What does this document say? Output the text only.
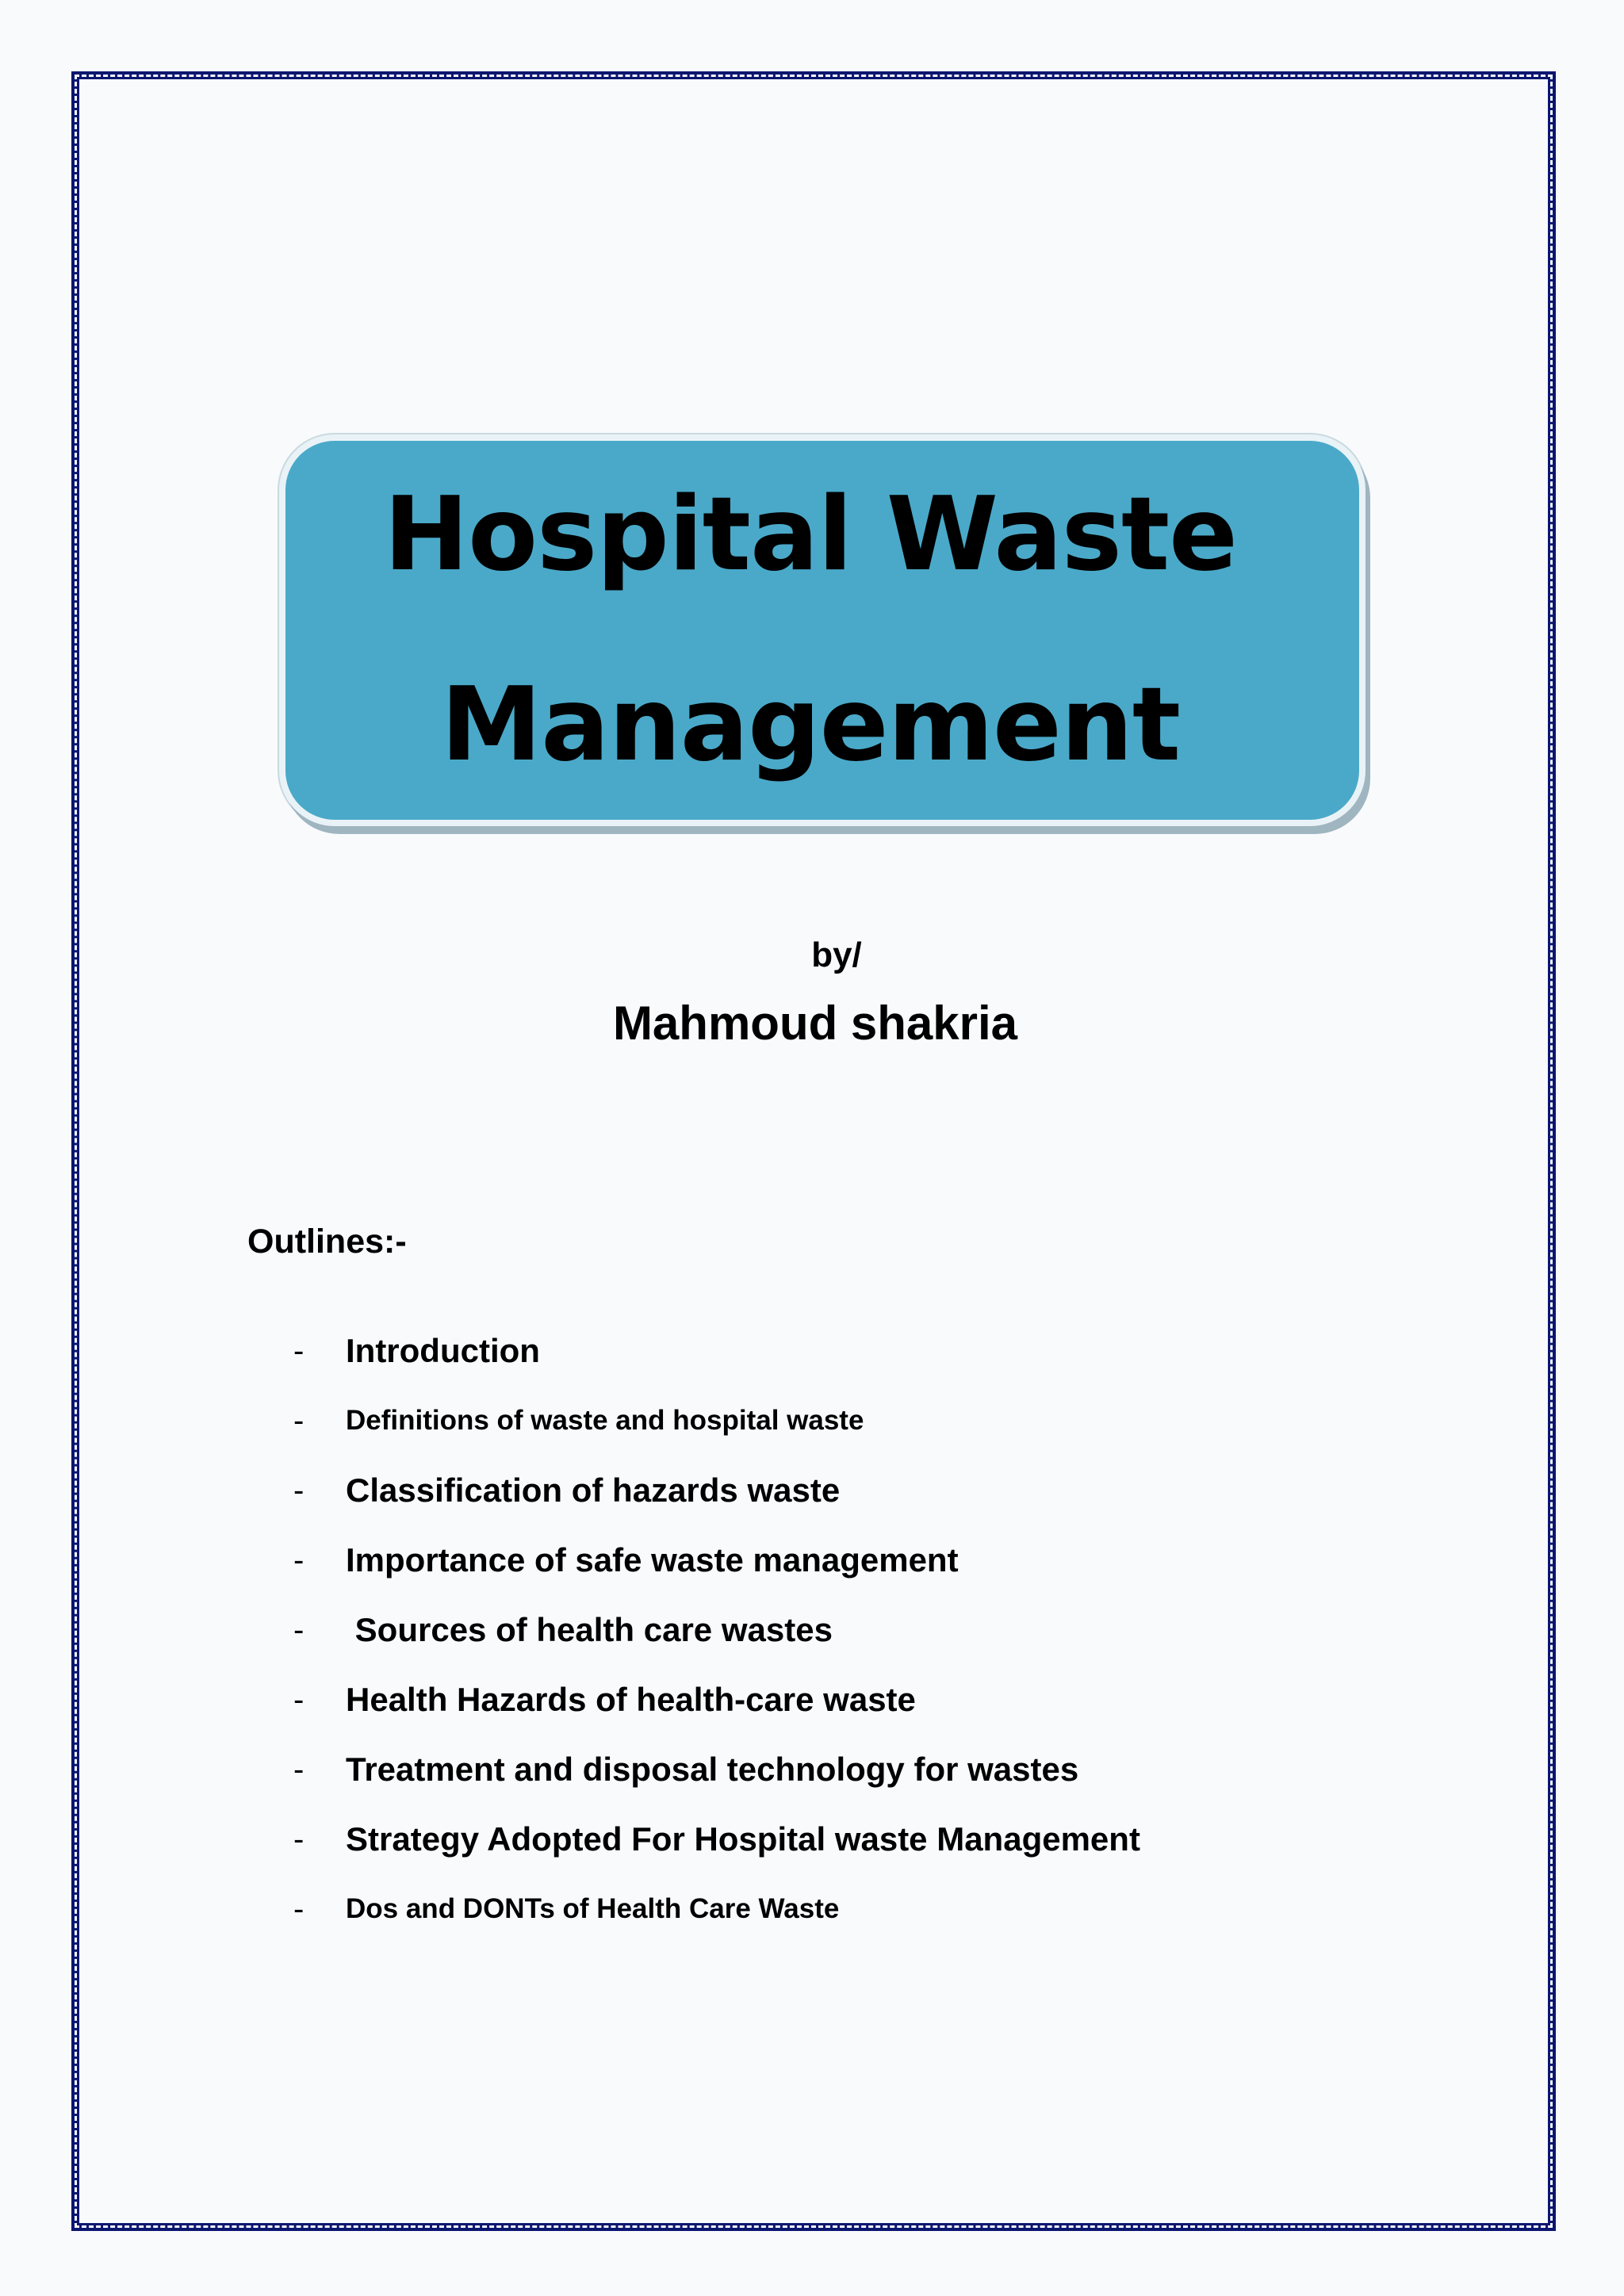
Hospital Waste
Management
by/
Mahmoud shakria
Outlines:-
-	Introduction
-	Definitions of waste and hospital waste
-	Classification of hazards waste
-	Importance of safe waste management
-	Sources of health care wastes
-	Health Hazards of health-care waste
-	Treatment and disposal technology for wastes
-	Strategy Adopted For Hospital waste Management
-	Dos and DONTs of Health Care Waste
